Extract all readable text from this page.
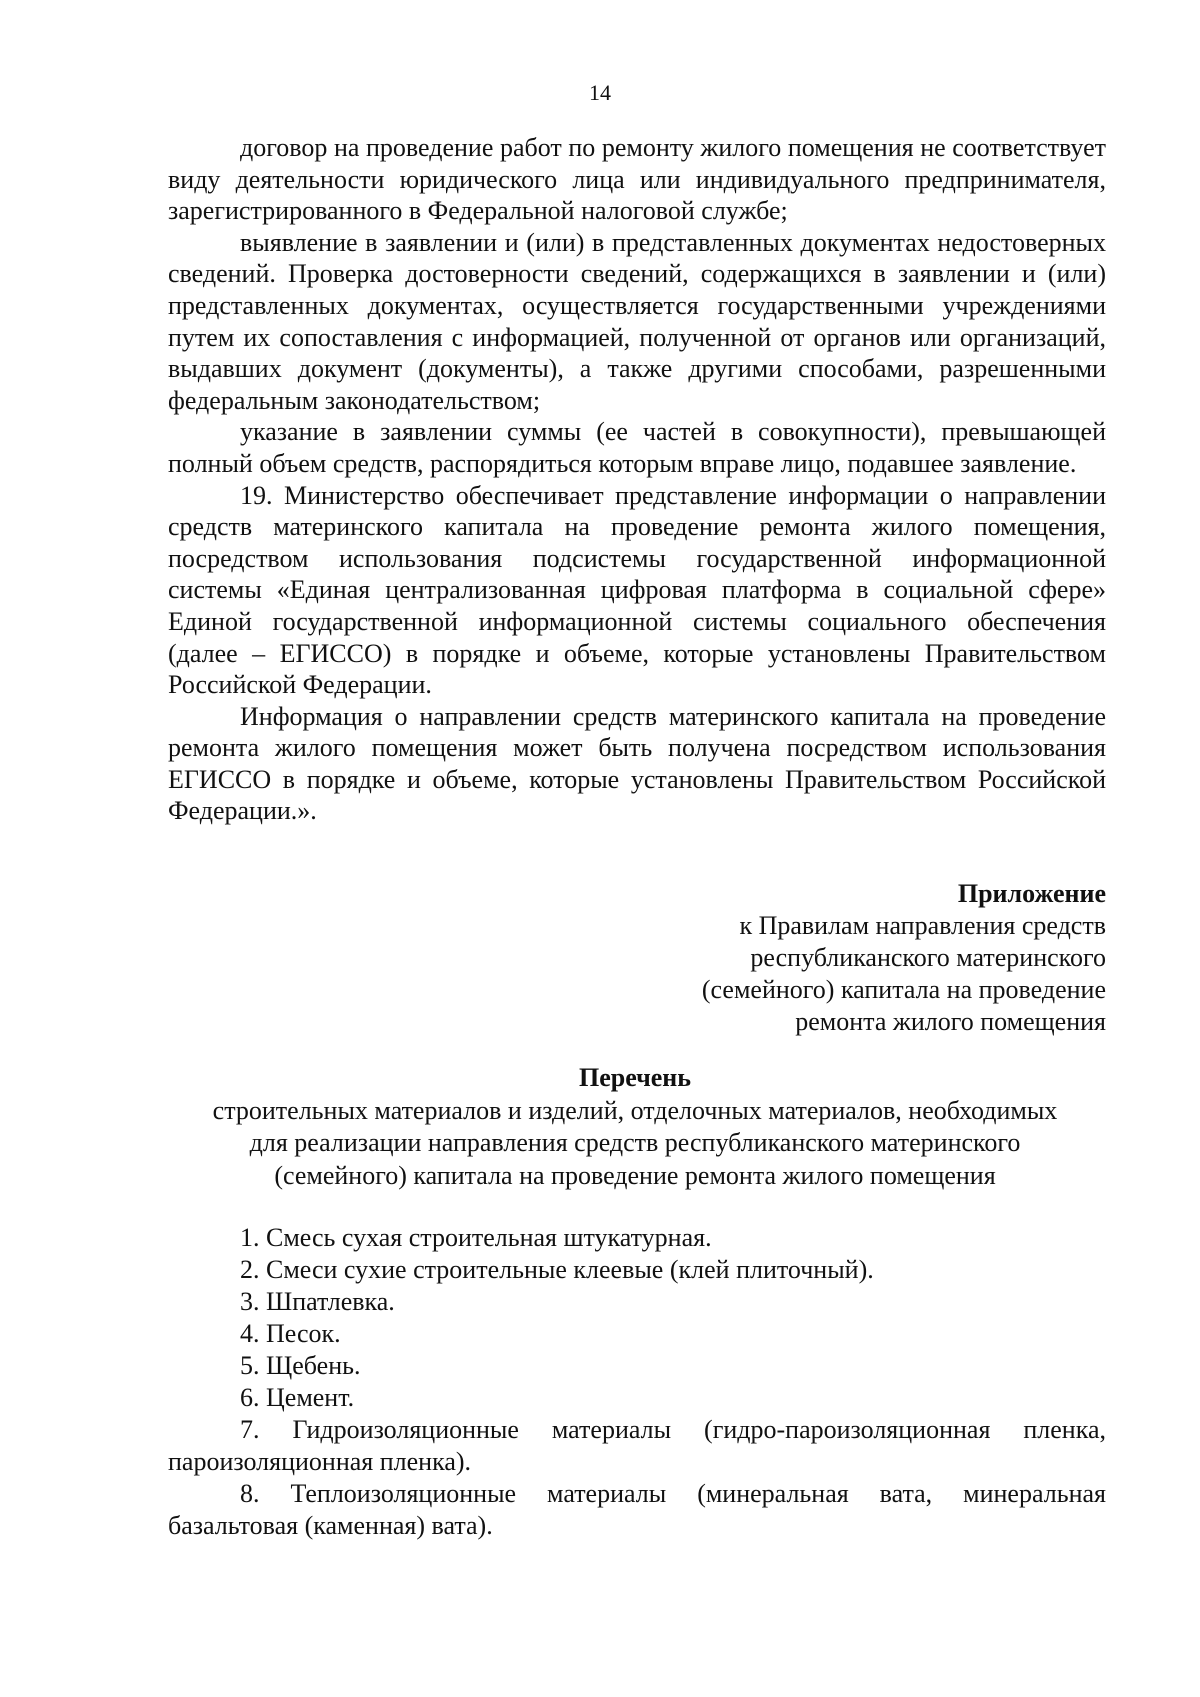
14

договор на проведение работ по ремонту жилого помещения не соответствует виду деятельности юридического лица или индивидуального предпринимателя, зарегистрированного в Федеральной налоговой службе;

выявление в заявлении и (или) в представленных документах недостоверных сведений. Проверка достоверности сведений, содержащихся в заявлении и (или) представленных документах, осуществляется государственными учреждениями путем их сопоставления с информацией, полученной от органов или организаций, выдавших документ (документы), а также другими способами, разрешенными федеральным законодательством;

указание в заявлении суммы (ее частей в совокупности), превышающей полный объем средств, распорядиться которым вправе лицо, подавшее заявление.

19. Министерство обеспечивает представление информации о направлении средств материнского капитала на проведение ремонта жилого помещения, посредством использования подсистемы государственной информационной системы «Единая централизованная цифровая платформа в социальной сфере» Единой государственной информационной системы социального обеспечения (далее – ЕГИССО) в порядке и объеме, которые установлены Правительством Российской Федерации.

Информация о направлении средств материнского капитала на проведение ремонта жилого помещения может быть получена посредством использования ЕГИССО в порядке и объеме, которые установлены Правительством Российской Федерации.».

Приложение
к Правилам направления средств
республиканского материнского
(семейного) капитала на проведение
ремонта жилого помещения
Перечень
строительных материалов и изделий, отделочных материалов, необходимых
для реализации направления средств республиканского материнского
(семейного) капитала на проведение ремонта жилого помещения

1. Смесь сухая строительная штукатурная.

2. Смеси сухие строительные клеевые (клей плиточный).

3. Шпатлевка.

4. Песок.

5. Щебень.

6. Цемент.

7. Гидроизоляционные материалы (гидро-пароизоляционная пленка, пароизоляционная пленка).

8. Теплоизоляционные материалы (минеральная вата, минеральная базальтовая (каменная) вата).
